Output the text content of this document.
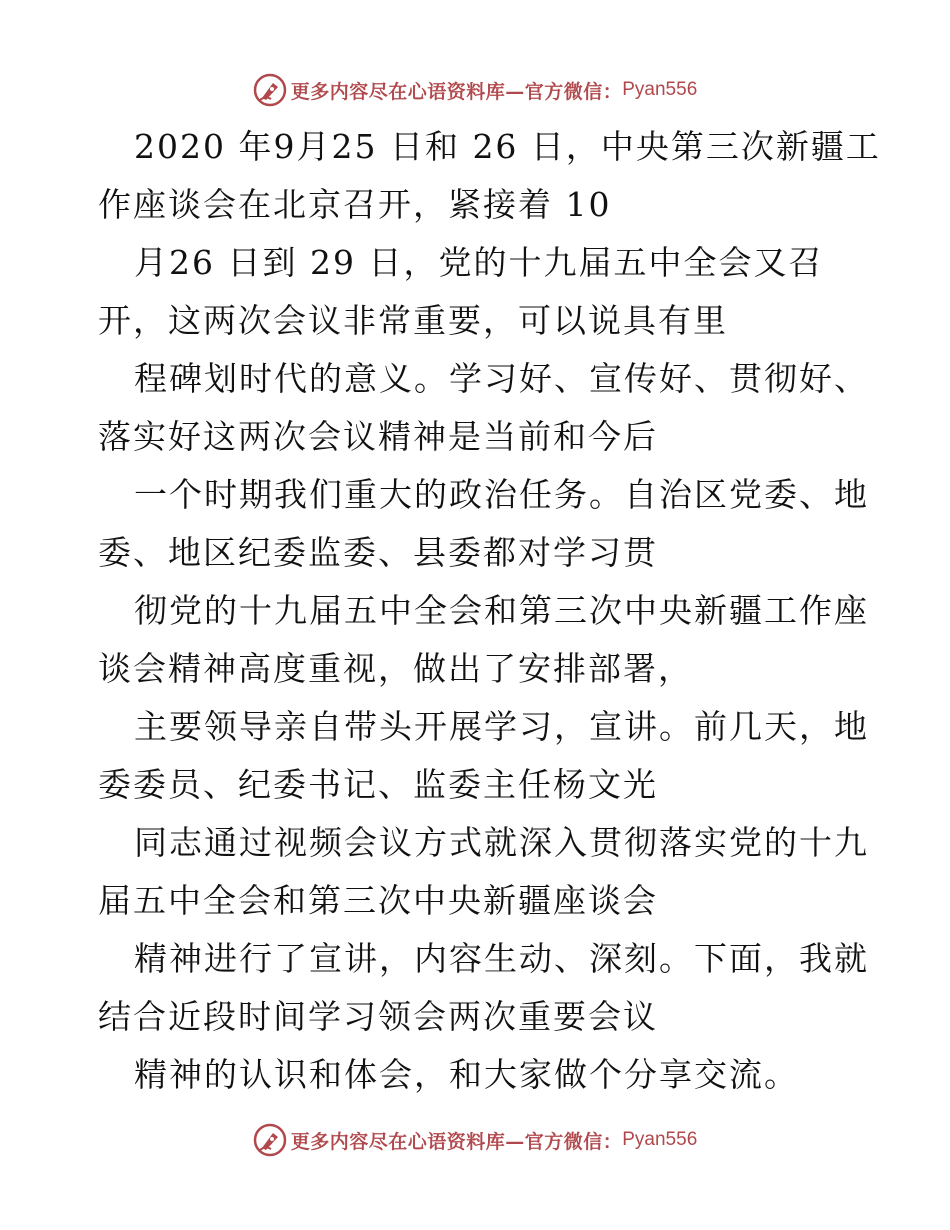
更多内容尽在心语资料库—官方微信： Pyan556
2020 年9月25 日和 26 日，中央第三次新疆工
作座谈会在北京召开，紧接着 10
月26 日到 29 日，党的十九届五中全会又召
开，这两次会议非常重要，可以说具有里
程碑划时代的意义。学习好、宣传好、贯彻好、
落实好这两次会议精神是当前和今后
一个时期我们重大的政治任务。自治区党委、地
委、地区纪委监委、县委都对学习贯
彻党的十九届五中全会和第三次中央新疆工作座
谈会精神高度重视，做出了安排部署，
主要领导亲自带头开展学习，宣讲。前几天，地
委委员、纪委书记、监委主任杨文光
同志通过视频会议方式就深入贯彻落实党的十九
届五中全会和第三次中央新疆座谈会
精神进行了宣讲，内容生动、深刻。下面，我就
结合近段时间学习领会两次重要会议
精神的认识和体会，和大家做个分享交流。
更多内容尽在心语资料库—官方微信： Pyan556
